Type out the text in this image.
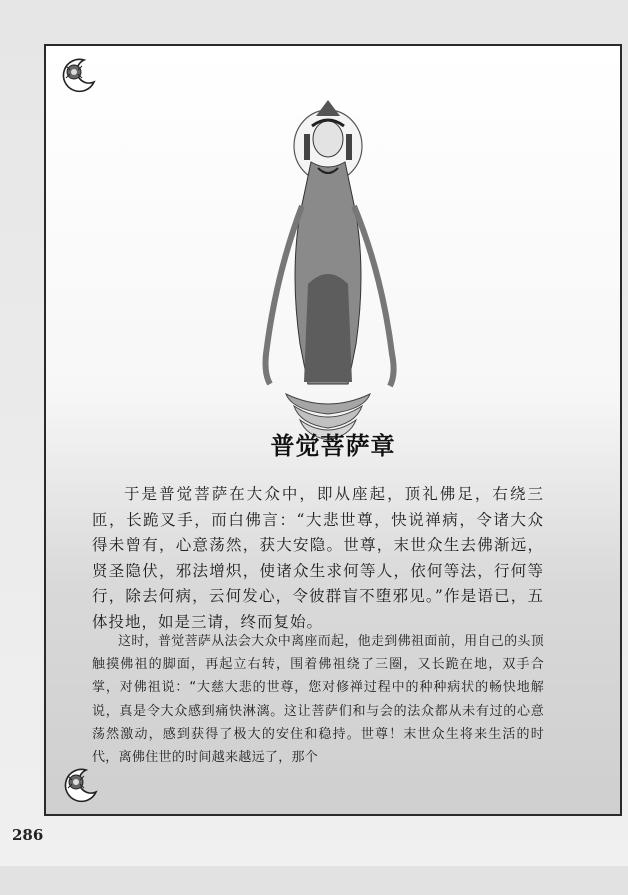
普觉菩萨章
于是普觉菩萨在大众中，即从座起，顶礼佛足，右绕三匝，长跪叉手，而白佛言：“大悲世尊，快说禅病，令诸大众得未曾有，心意荡然，获大安隐。世尊，末世众生去佛渐远，贤圣隐伏，邪法增炽，使诸众生求何等人，依何等法，行何等行，除去何病，云何发心，令彼群盲不堕邪见。”作是语已，五体投地，如是三请，终而复始。
这时，普觉菩萨从法会大众中离座而起，他走到佛祖面前，用自己的头顶触摸佛祖的脚面，再起立右转，围着佛祖绕了三圈，又长跪在地，双手合掌，对佛祖说：“大慈大悲的世尊，您对修禅过程中的种种病状的畅快地解说，真是令大众感到痛快淋漓。这让菩萨们和与会的法众都从未有过的心意荡然激动，感到获得了极大的安住和稳持。世尊！末世众生将来生活的时代，离佛住世的时间越来越远了，那个
286
